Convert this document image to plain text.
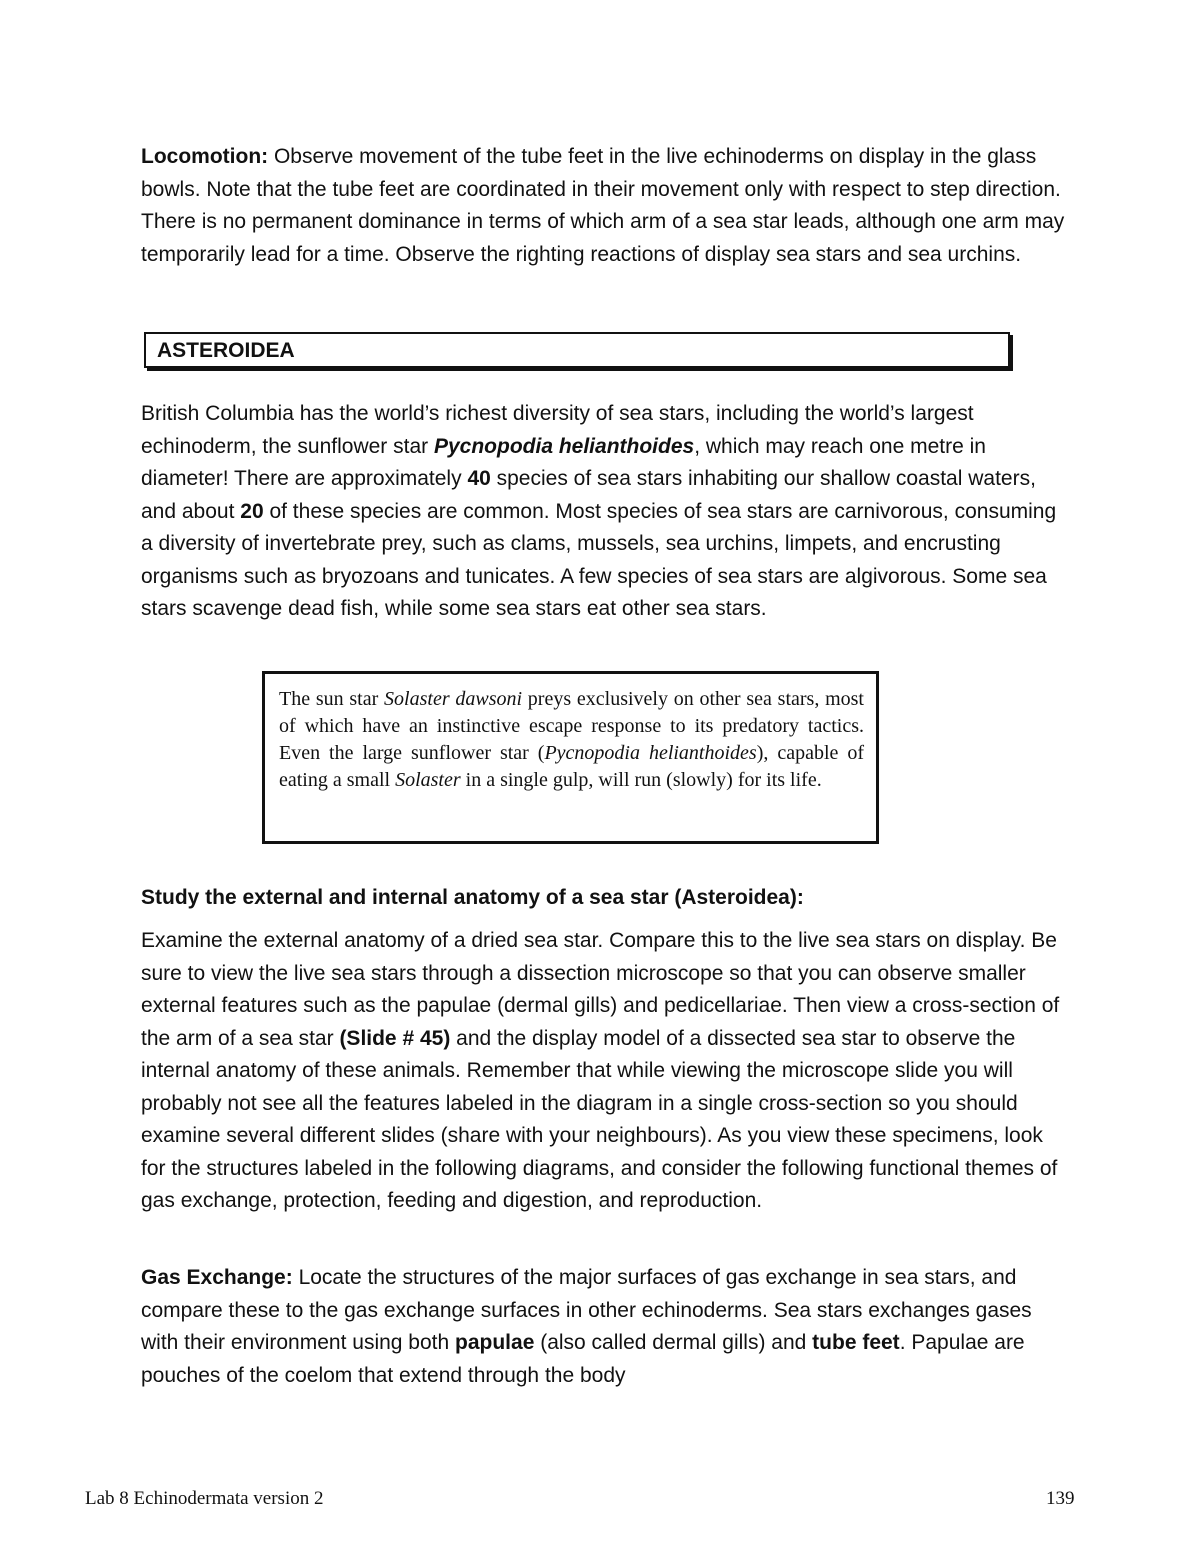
Locomotion: Observe movement of the tube feet in the live echinoderms on display in the glass bowls. Note that the tube feet are coordinated in their movement only with respect to step direction. There is no permanent dominance in terms of which arm of a sea star leads, although one arm may temporarily lead for a time. Observe the righting reactions of display sea stars and sea urchins.

ASTEROIDEA

British Columbia has the world’s richest diversity of sea stars, including the world’s largest echinoderm, the sunflower star Pycnopodia helianthoides, which may reach one metre in diameter! There are approximately 40 species of sea stars inhabiting our shallow coastal waters, and about 20 of these species are common. Most species of sea stars are carnivorous, consuming a diversity of invertebrate prey, such as clams, mussels, sea urchins, limpets, and encrusting organisms such as bryozoans and tunicates. A few species of sea stars are algivorous. Some sea stars scavenge dead fish, while some sea stars eat other sea stars.

The sun star Solaster dawsoni preys exclusively on other sea stars, most of which have an instinctive escape response to its predatory tactics. Even the large sunflower star (Pycnopodia helianthoides), capable of eating a small Solaster in a single gulp, will run (slowly) for its life.

Study the external and internal anatomy of a sea star (Asteroidea):

Examine the external anatomy of a dried sea star. Compare this to the live sea stars on display. Be sure to view the live sea stars through a dissection microscope so that you can observe smaller external features such as the papulae (dermal gills) and pedicellariae. Then view a cross-section of the arm of a sea star (Slide # 45) and the display model of a dissected sea star to observe the internal anatomy of these animals. Remember that while viewing the microscope slide you will probably not see all the features labeled in the diagram in a single cross-section so you should examine several different slides (share with your neighbours). As you view these specimens, look for the structures labeled in the following diagrams, and consider the following functional themes of gas exchange, protection, feeding and digestion, and reproduction.

Gas Exchange: Locate the structures of the major surfaces of gas exchange in sea stars, and compare these to the gas exchange surfaces in other echinoderms. Sea stars exchanges gases with their environment using both papulae (also called dermal gills) and tube feet. Papulae are pouches of the coelom that extend through the body

Lab 8 Echinodermata version 2	139
